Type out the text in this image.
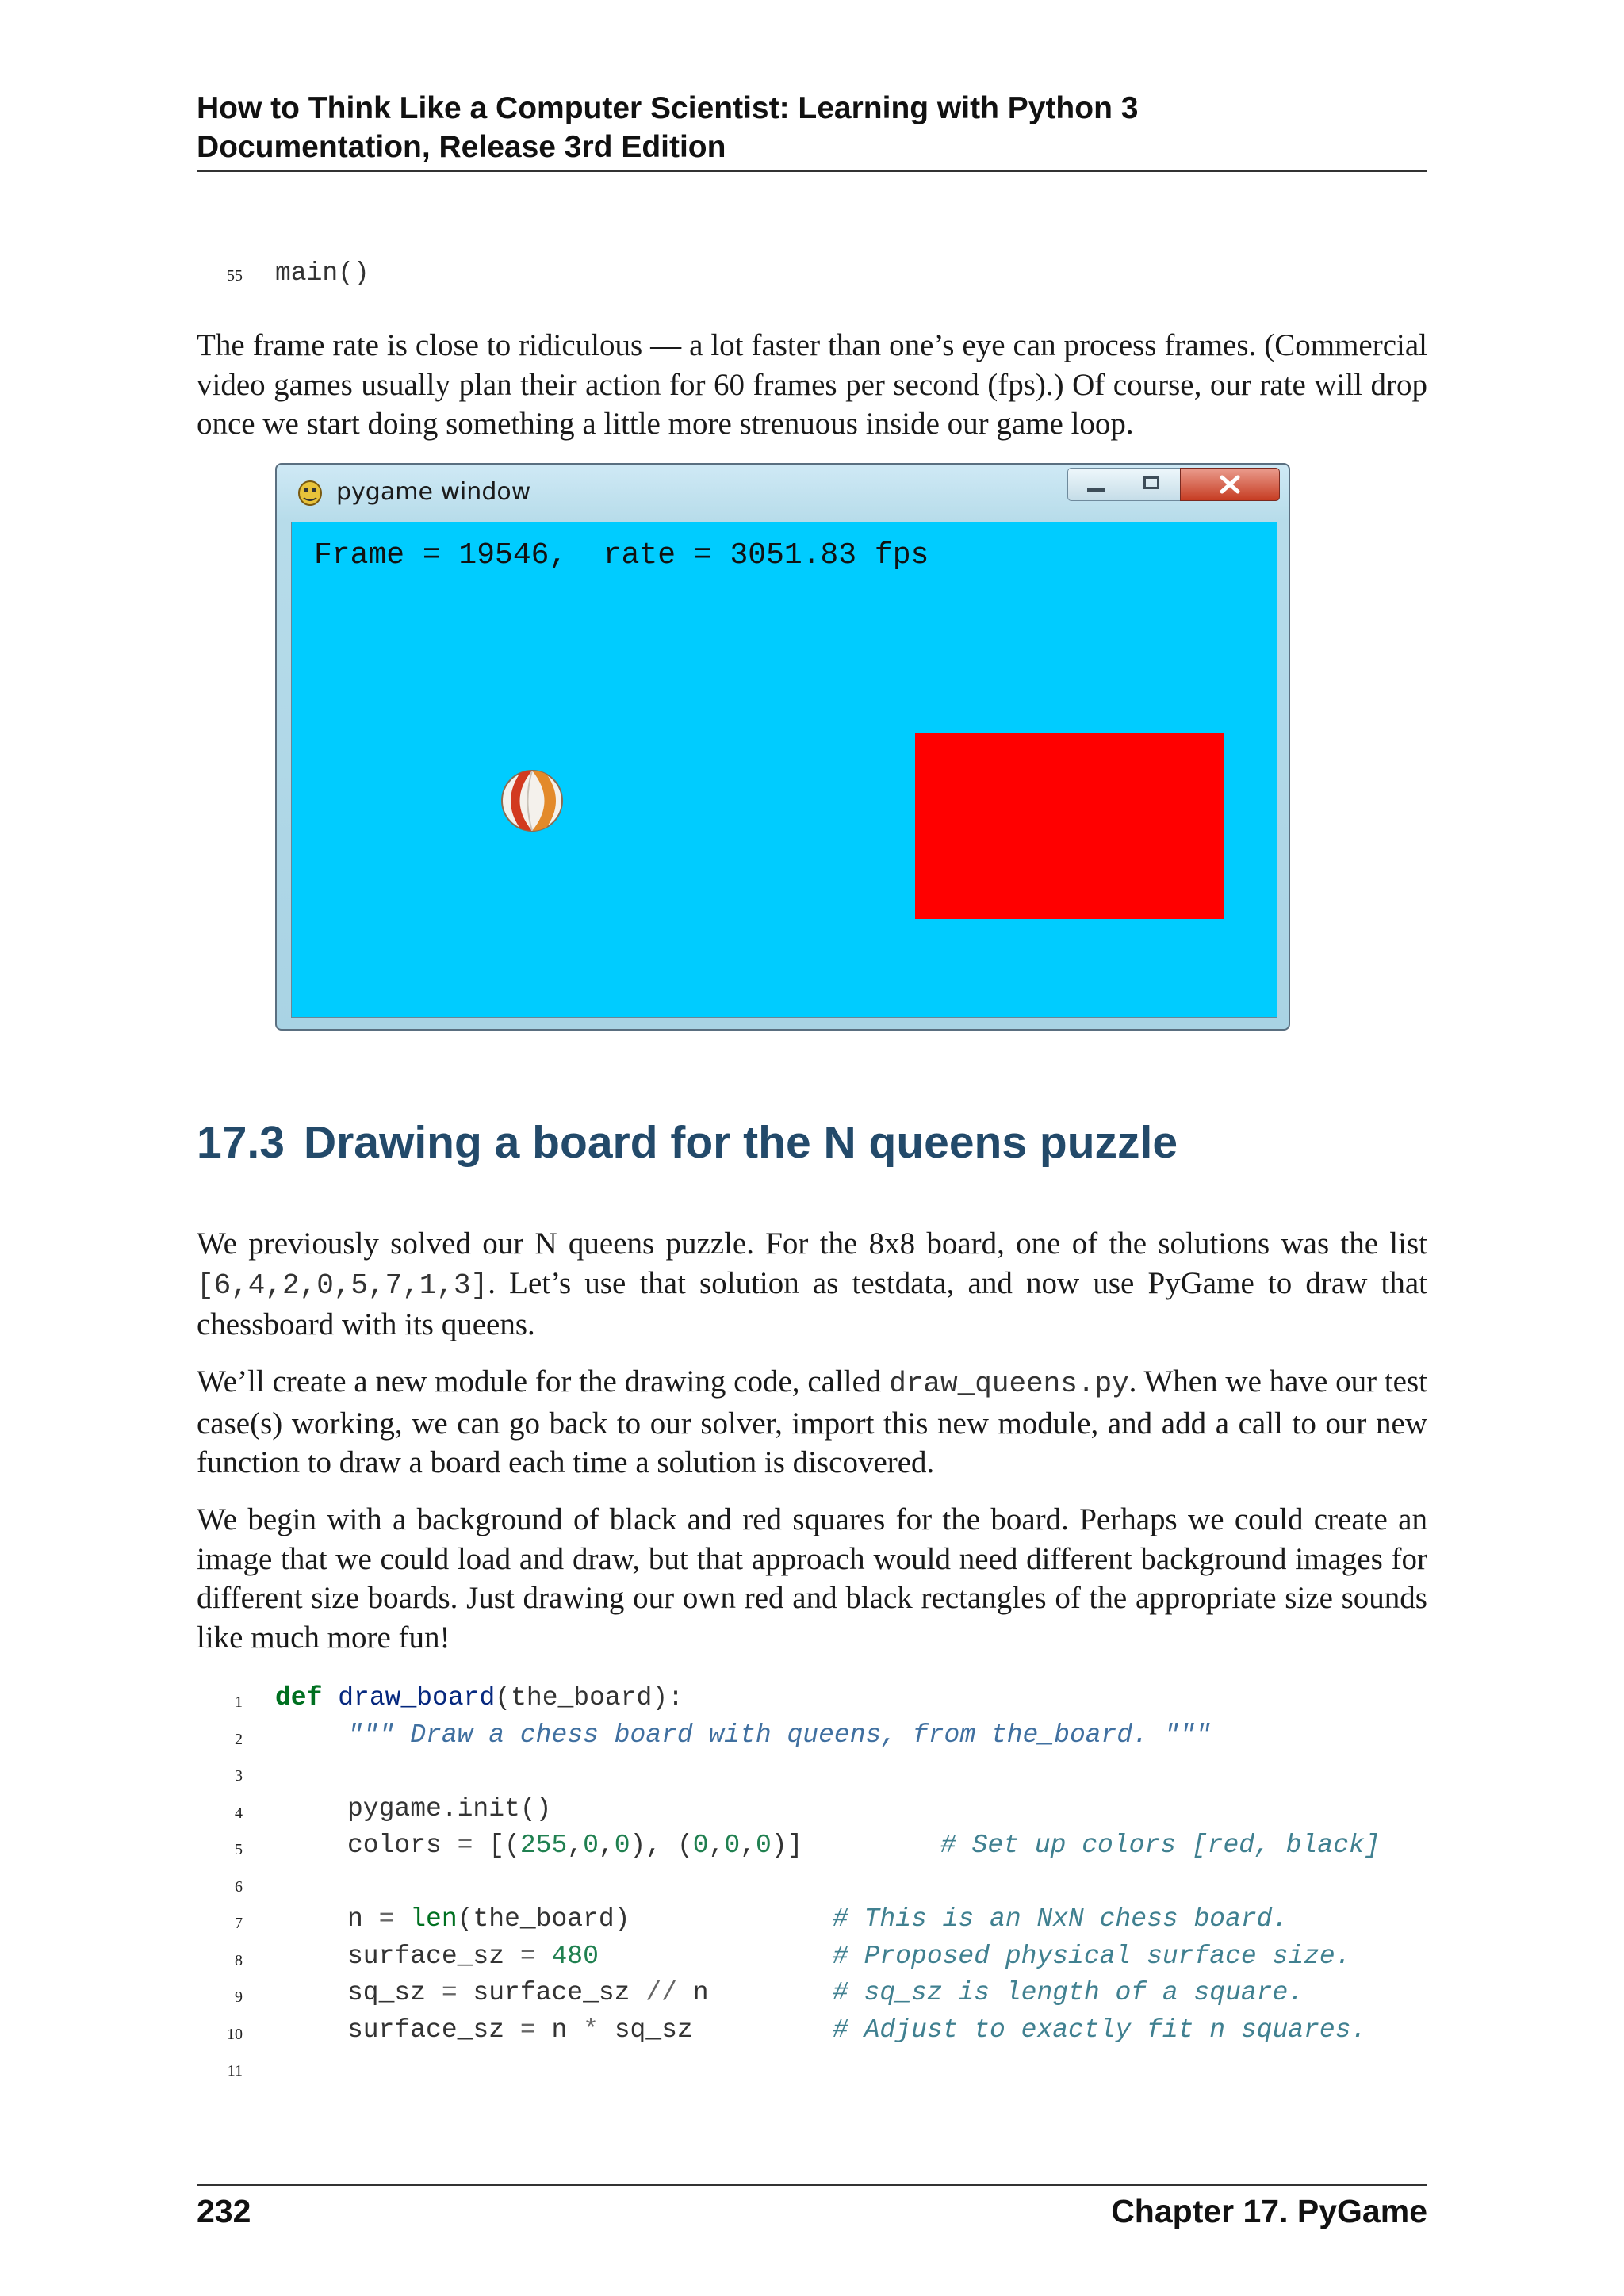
How to Think Like a Computer Scientist: Learning with Python 3
Documentation, Release 3rd Edition
55 main()
The frame rate is close to ridiculous — a lot faster than one’s eye can process frames. (Commercial video games usually plan their action for 60 frames per second (fps).) Of course, our rate will drop once we start doing something a little more strenuous inside our game loop.
pygame window
Frame = 19546,  rate = 3051.83 fps
17.3 Drawing a board for the N queens puzzle
We previously solved our N queens puzzle. For the 8x8 board, one of the solutions was the list [6,4,2,0,5,7,1,3]. Let’s use that solution as testdata, and now use PyGame to draw that chessboard with its queens.
We’ll create a new module for the drawing code, called draw_queens.py. When we have our test case(s) working, we can go back to our solver, import this new module, and add a call to our new function to draw a board each time a solution is discovered.
We begin with a background of black and red squares for the board. Perhaps we could create an image that we could load and draw, but that approach would need different background images for different size boards. Just drawing our own red and black rectangles of the appropriate size sounds like much more fun!
1
2
3
4
5
6
7
8
9
10
11
def draw_board(the_board):
""" Draw a chess board with queens, from the_board. """
pygame.init()
colors = [(255,0,0), (0,0,0)]	# Set up colors [red, black]
n = len(the_board)	# This is an NxN chess board.
surface_sz = 480	# Proposed physical surface size.
sq_sz = surface_sz // n	# sq_sz is length of a square.
surface_sz = n * sq_sz	# Adjust to exactly fit n squares.
232	Chapter 17. PyGame
